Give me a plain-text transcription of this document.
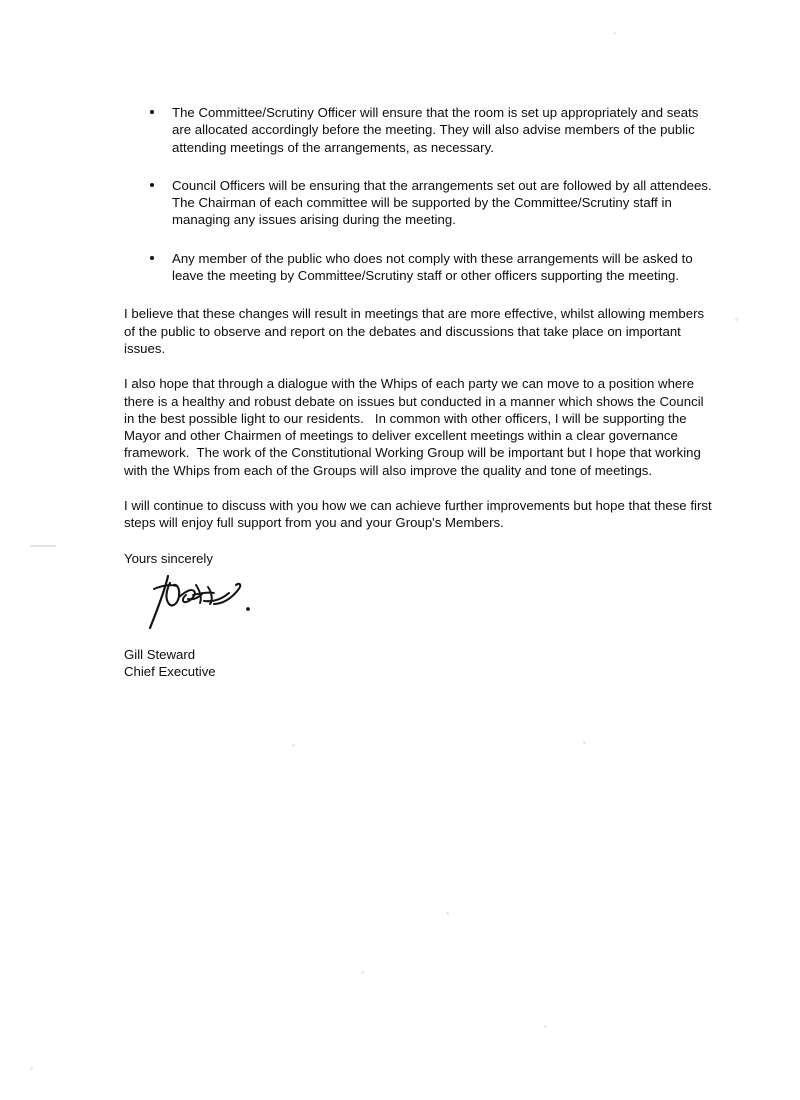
The Committee/Scrutiny Officer will ensure that the room is set up appropriately and seats are allocated accordingly before the meeting. They will also advise members of the public attending meetings of the arrangements, as necessary.
Council Officers will be ensuring that the arrangements set out are followed by all attendees. The Chairman of each committee will be supported by the Committee/Scrutiny staff in managing any issues arising during the meeting.
Any member of the public who does not comply with these arrangements will be asked to leave the meeting by Committee/Scrutiny staff or other officers supporting the meeting.

I believe that these changes will result in meetings that are more effective, whilst allowing members of the public to observe and report on the debates and discussions that take place on important issues.

I also hope that through a dialogue with the Whips of each party we can move to a position where there is a healthy and robust debate on issues but conducted in a manner which shows the Council in the best possible light to our residents.   In common with other officers, I will be supporting the Mayor and other Chairmen of meetings to deliver excellent meetings within a clear governance framework.  The work of the Constitutional Working Group will be important but I hope that working with the Whips from each of the Groups will also improve the quality and tone of meetings.

I will continue to discuss with you how we can achieve further improvements but hope that these first steps will enjoy full support from you and your Group's Members.

Yours sincerely

Gill Steward
Chief Executive
